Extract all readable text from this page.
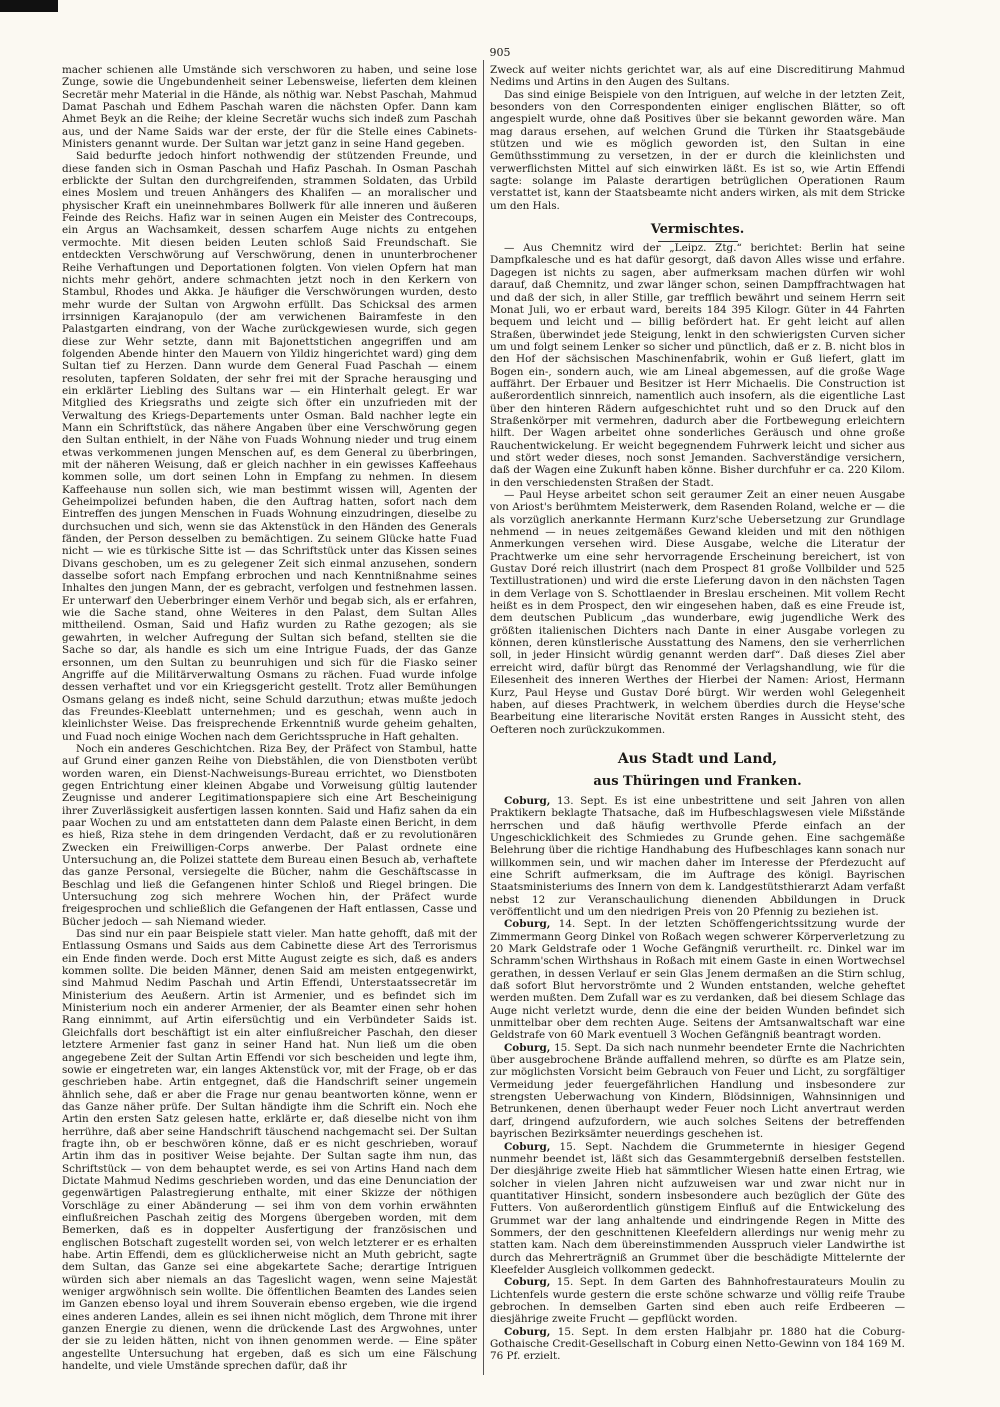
905

macher schienen alle Umstände sich verschworen zu haben, und seine lose Zunge, sowie die Ungebundenheit seiner Lebensweise, lieferten dem kleinen Secretär mehr Material in die Hände, als nöthig war. Nebst Paschah, Mahmud Damat Paschah und Edhem Paschah waren die nächsten Opfer. Dann kam Ahmet Beyk an die Reihe; der kleine Secretär wuchs sich indeß zum Paschah aus, und der Name Saids war der erste, der für die Stelle eines Cabinets-Ministers genannt wurde. Der Sultan war jetzt ganz in seine Hand gegeben.

Said bedurfte jedoch hinfort nothwendig der stützenden Freunde, und diese fanden sich in Osman Paschah und Hafiz Paschah. In Osman Paschah erblickte der Sultan den durchgreifenden, strammen Soldaten, das Urbild eines Moslem und treuen Anhängers des Khalifen — an moralischer und physischer Kraft ein uneinnehmbares Bollwerk für alle inneren und äußeren Feinde des Reichs. Hafiz war in seinen Augen ein Meister des Contrecoups, ein Argus an Wachsamkeit, dessen scharfem Auge nichts zu entgehen vermochte. Mit diesen beiden Leuten schloß Said Freundschaft. Sie entdeckten Verschwörung auf Verschwörung, denen in ununterbrochener Reihe Verhaftungen und Deportationen folgten. Von vielen Opfern hat man nichts mehr gehört, andere schmachten jetzt noch in den Kerkern von Stambul, Rhodes und Akka. Je häufiger die Verschwörungen wurden, desto mehr wurde der Sultan von Argwohn erfüllt. Das Schicksal des armen irrsinnigen Karajanopulo (der am verwichenen Bairamfeste in den Palastgarten eindrang, von der Wache zurückgewiesen wurde, sich gegen diese zur Wehr setzte, dann mit Bajonettstichen angegriffen und am folgenden Abende hinter den Mauern von Yildiz hingerichtet ward) ging dem Sultan tief zu Herzen. Dann wurde dem General Fuad Paschah — einem resoluten, tapferen Soldaten, der sehr frei mit der Sprache herausging und ein erklärter Liebling des Sultans war — ein Hinterhalt gelegt. Er war Mitglied des Kriegsraths und zeigte sich öfter ein unzufrieden mit der Verwaltung des Kriegs-Departements unter Osman. Bald nachher legte ein Mann ein Schriftstück, das nähere Angaben über eine Verschwörung gegen den Sultan enthielt, in der Nähe von Fuads Wohnung nieder und trug einem etwas verkommenen jungen Menschen auf, es dem General zu überbringen, mit der näheren Weisung, daß er gleich nachher in ein gewisses Kaffeehaus kommen solle, um dort seinen Lohn in Empfang zu nehmen. In diesem Kaffeehause nun sollen sich, wie man bestimmt wissen will, Agenten der Geheimpolizei befunden haben, die den Auftrag hatten, sofort nach dem Eintreffen des jungen Menschen in Fuads Wohnung einzudringen, dieselbe zu durchsuchen und sich, wenn sie das Aktenstück in den Händen des Generals fänden, der Person desselben zu bemächtigen. Zu seinem Glücke hatte Fuad nicht — wie es türkische Sitte ist — das Schriftstück unter das Kissen seines Divans geschoben, um es zu gelegener Zeit sich einmal anzusehen, sondern dasselbe sofort nach Empfang erbrochen und nach Kenntnißnahme seines Inhaltes den jungen Mann, der es gebracht, verfolgen und festnehmen lassen. Er unterwarf den Ueberbringer einem Verhör und begab sich, als er erfahren, wie die Sache stand, ohne Weiteres in den Palast, dem Sultan Alles mittheilend. Osman, Said und Hafiz wurden zu Rathe gezogen; als sie gewahrten, in welcher Aufregung der Sultan sich befand, stellten sie die Sache so dar, als handle es sich um eine Intrigue Fuads, der das Ganze ersonnen, um den Sultan zu beunruhigen und sich für die Fiasko seiner Angriffe auf die Militärverwaltung Osmans zu rächen. Fuad wurde infolge dessen verhaftet und vor ein Kriegsgericht gestellt. Trotz aller Bemühungen Osmans gelang es indeß nicht, seine Schuld darzuthun; etwas mußte jedoch das Freundes-Kleeblatt unternehmen; und es geschah, wenn auch in kleinlichster Weise. Das freisprechende Erkenntniß wurde geheim gehalten, und Fuad noch einige Wochen nach dem Gerichtsspruche in Haft gehalten.

Noch ein anderes Geschichtchen. Riza Bey, der Präfect von Stambul, hatte auf Grund einer ganzen Reihe von Diebstählen, die von Dienstboten verübt worden waren, ein Dienst-Nachweisungs-Bureau errichtet, wo Dienstboten gegen Entrichtung einer kleinen Abgabe und Vorweisung gültig lautender Zeugnisse und anderer Legitimationspapiere sich eine Art Bescheinigung ihrer Zuverlässigkeit ausfertigen lassen konnten. Said und Hafiz sahen da ein paar Wochen zu und am entstatteten dann dem Palaste einen Bericht, in dem es hieß, Riza stehe in dem dringenden Verdacht, daß er zu revolutionären Zwecken ein Freiwilligen-Corps anwerbe. Der Palast ordnete eine Untersuchung an, die Polizei stattete dem Bureau einen Besuch ab, verhaftete das ganze Personal, versiegelte die Bücher, nahm die Geschäftscasse in Beschlag und ließ die Gefangenen hinter Schloß und Riegel bringen. Die Untersuchung zog sich mehrere Wochen hin, der Präfect wurde freigesprochen und schließlich die Gefangenen der Haft entlassen, Casse und Bücher jedoch — sah Niemand wieder.

Das sind nur ein paar Beispiele statt vieler. Man hatte gehofft, daß mit der Entlassung Osmans und Saids aus dem Cabinette diese Art des Terrorismus ein Ende finden werde. Doch erst Mitte August zeigte es sich, daß es anders kommen sollte. Die beiden Männer, denen Said am meisten entgegenwirkt, sind Mahmud Nedim Paschah und Artin Effendi, Unterstaatssecretär im Ministerium des Aeußern. Artin ist Armenier, und es befindet sich im Ministerium noch ein anderer Armenier, der als Beamter einen sehr hohen Rang einnimmt, auf Artin eifersüchtig und ein Verbündeter Saids ist. Gleichfalls dort beschäftigt ist ein alter einflußreicher Paschah, den dieser letztere Armenier fast ganz in seiner Hand hat. Nun ließ um die oben angegebene Zeit der Sultan Artin Effendi vor sich bescheiden und legte ihm, sowie er eingetreten war, ein langes Aktenstück vor, mit der Frage, ob er das geschrieben habe. Artin entgegnet, daß die Handschrift seiner ungemein ähnlich sehe, daß er aber die Frage nur genau beantworten könne, wenn er das Ganze näher prüfe. Der Sultan händigte ihm die Schrift ein. Noch ehe Artin den ersten Satz gelesen hatte, erklärte er, daß dieselbe nicht von ihm herrühre, daß aber seine Handschrift täuschend nachgemacht sei. Der Sultan fragte ihn, ob er beschwören könne, daß er es nicht geschrieben, worauf Artin ihm das in positiver Weise bejahte. Der Sultan sagte ihm nun, das Schriftstück — von dem behauptet werde, es sei von Artins Hand nach dem Dictate Mahmud Nedims geschrieben worden, und das eine Denunciation der gegenwärtigen Palastregierung enthalte, mit einer Skizze der nöthigen Vorschläge zu einer Abänderung — sei ihm von dem vorhin erwähnten einflußreichen Paschah zeitig des Morgens übergeben worden, mit dem Bemerken, daß es in doppelter Ausfertigung der französischen und englischen Botschaft zugestellt worden sei, von welch letzterer er es erhalten habe. Artin Effendi, dem es glücklicherweise nicht an Muth gebricht, sagte dem Sultan, das Ganze sei eine abgekartete Sache; derartige Intriguen würden sich aber niemals an das Tageslicht wagen, wenn seine Majestät weniger argwöhnisch sein wollte. Die öffentlichen Beamten des Landes seien im Ganzen ebenso loyal und ihrem Souverain ebenso ergeben, wie die irgend eines anderen Landes, allein es sei ihnen nicht möglich, dem Throne mit ihrer ganzen Energie zu dienen, wenn die drückende Last des Argwohnes, unter der sie zu leiden hätten, nicht von ihnen genommen werde. — Eine später angestellte Untersuchung hat ergeben, daß es sich um eine Fälschung handelte, und viele Umstände sprechen dafür, daß ihr

Zweck auf weiter nichts gerichtet war, als auf eine Discreditirung Mahmud Nedims und Artins in den Augen des Sultans.

Das sind einige Beispiele von den Intriguen, auf welche in der letzten Zeit, besonders von den Correspondenten einiger englischen Blätter, so oft angespielt wurde, ohne daß Positives über sie bekannt geworden wäre. Man mag daraus ersehen, auf welchen Grund die Türken ihr Staatsgebäude stützen und wie es möglich geworden ist, den Sultan in eine Gemüthsstimmung zu versetzen, in der er durch die kleinlichsten und verwerflichsten Mittel auf sich einwirken läßt. Es ist so, wie Artin Effendi sagte: solange im Palaste derartigen betrüglichen Operationen Raum verstattet ist, kann der Staatsbeamte nicht anders wirken, als mit dem Stricke um den Hals.

Vermischtes.

— Aus Chemnitz wird der „Leipz. Ztg.“ berichtet: Berlin hat seine Dampfkalesche und es hat dafür gesorgt, daß davon Alles wisse und erfahre. Dagegen ist nichts zu sagen, aber aufmerksam machen dürfen wir wohl darauf, daß Chemnitz, und zwar länger schon, seinen Dampffrachtwagen hat und daß der sich, in aller Stille, gar trefflich bewährt und seinem Herrn seit Monat Juli, wo er erbaut ward, bereits 184 395 Kilogr. Güter in 44 Fahrten bequem und leicht und — billig befördert hat. Er geht leicht auf allen Straßen, überwindet jede Steigung, lenkt in den schwierigsten Curven sicher um und folgt seinem Lenker so sicher und pünctlich, daß er z. B. nicht blos in den Hof der sächsischen Maschinenfabrik, wohin er Guß liefert, glatt im Bogen ein-, sondern auch, wie am Lineal abgemessen, auf die große Wage auffährt. Der Erbauer und Besitzer ist Herr Michaelis. Die Construction ist außerordentlich sinnreich, namentlich auch insofern, als die eigentliche Last über den hinteren Rädern aufgeschichtet ruht und so den Druck auf den Straßenkörper mit vermehren, dadurch aber die Fortbewegung erleichtern hilft. Der Wagen arbeitet ohne sonderliches Geräusch und ohne große Rauchentwickelung. Er weicht begegnendem Fuhrwerk leicht und sicher aus und stört weder dieses, noch sonst Jemanden. Sachverständige versichern, daß der Wagen eine Zukunft haben könne. Bisher durchfuhr er ca. 220 Kilom. in den verschiedensten Straßen der Stadt.

— Paul Heyse arbeitet schon seit geraumer Zeit an einer neuen Ausgabe von Ariost's berühmtem Meisterwerk, dem Rasenden Roland, welche er — die als vorzüglich anerkannte Hermann Kurz'sche Uebersetzung zur Grundlage nehmend — in neues zeitgemäßes Gewand kleiden und mit den nöthigen Anmerkungen versehen wird. Diese Ausgabe, welche die Literatur der Prachtwerke um eine sehr hervorragende Erscheinung bereichert, ist von Gustav Doré reich illustrirt (nach dem Prospect 81 große Vollbilder und 525 Textillustrationen) und wird die erste Lieferung davon in den nächsten Tagen in dem Verlage von S. Schottlaender in Breslau erscheinen. Mit vollem Recht heißt es in dem Prospect, den wir eingesehen haben, daß es eine Freude ist, dem deutschen Publicum „das wunderbare, ewig jugendliche Werk des größten italienischen Dichters nach Dante in einer Ausgabe vorlegen zu können, deren künstlerische Ausstattung des Namens, den sie verherrlichen soll, in jeder Hinsicht würdig genannt werden darf“. Daß dieses Ziel aber erreicht wird, dafür bürgt das Renommé der Verlagshandlung, wie für die Eilesenheit des inneren Werthes der Hierbei der Namen: Ariost, Hermann Kurz, Paul Heyse und Gustav Doré bürgt. Wir werden wohl Gelegenheit haben, auf dieses Prachtwerk, in welchem überdies durch die Heyse'sche Bearbeitung eine literarische Novität ersten Ranges in Aussicht steht, des Oefteren noch zurückzukommen.

Aus Stadt und Land,
aus Thüringen und Franken.

Coburg, 13. Sept. Es ist eine unbestrittene und seit Jahren von allen Praktikern beklagte Thatsache, daß im Hufbeschlagswesen viele Mißstände herrschen und daß häufig werthvolle Pferde einfach an der Ungeschicklichkeit des Schmiedes zu Grunde gehen. Eine sachgemäße Belehrung über die richtige Handhabung des Hufbeschlages kann sonach nur willkommen sein, und wir machen daher im Interesse der Pferdezucht auf eine Schrift aufmerksam, die im Auftrage des königl. Bayrischen Staatsministeriums des Innern von dem k. Landgestütsthierarzt Adam verfaßt nebst 12 zur Veranschaulichung dienenden Abbildungen in Druck veröffentlicht und um den niedrigen Preis von 20 Pfennig zu beziehen ist.

Coburg, 14. Sept. In der letzten Schöffengerichtssitzung wurde der Zimmermann Georg Dinkel von Roßach wegen schwerer Körperverletzung zu 20 Mark Geldstrafe oder 1 Woche Gefängniß verurtheilt. rc. Dinkel war im Schramm'schen Wirthshaus in Roßach mit einem Gaste in einen Wortwechsel gerathen, in dessen Verlauf er sein Glas Jenem dermaßen an die Stirn schlug, daß sofort Blut hervorströmte und 2 Wunden entstanden, welche geheftet werden mußten. Dem Zufall war es zu verdanken, daß bei diesem Schlage das Auge nicht verletzt wurde, denn die eine der beiden Wunden befindet sich unmittelbar ober dem rechten Auge. Seitens der Amtsanwaltschaft war eine Geldstrafe von 60 Mark eventuell 3 Wochen Gefängniß beantragt worden.

Coburg, 15. Sept. Da sich nach nunmehr beendeter Ernte die Nachrichten über ausgebrochene Brände auffallend mehren, so dürfte es am Platze sein, zur möglichsten Vorsicht beim Gebrauch von Feuer und Licht, zu sorgfältiger Vermeidung jeder feuergefährlichen Handlung und insbesondere zur strengsten Ueberwachung von Kindern, Blödsinnigen, Wahnsinnigen und Betrunkenen, denen überhaupt weder Feuer noch Licht anvertraut werden darf, dringend aufzufordern, wie auch solches Seitens der betreffenden bayrischen Bezirksämter neuerdings geschehen ist.

Coburg, 15. Sept. Nachdem die Grummeternte in hiesiger Gegend nunmehr beendet ist, läßt sich das Gesammtergebniß derselben feststellen. Der diesjährige zweite Hieb hat sämmtlicher Wiesen hatte einen Ertrag, wie solcher in vielen Jahren nicht aufzuweisen war und zwar nicht nur in quantitativer Hinsicht, sondern insbesondere auch bezüglich der Güte des Futters. Von außerordentlich günstigem Einfluß auf die Entwickelung des Grummet war der lang anhaltende und eindringende Regen in Mitte des Sommers, der den geschnittenen Kleefeldern allerdings nur wenig mehr zu statten kam. Nach dem übereinstimmenden Ausspruch vieler Landwirthe ist durch das Mehrerträgniß an Grummet über die beschädigte Mittelernte der Kleefelder Ausgleich vollkommen gedeckt.

Coburg, 15. Sept. In dem Garten des Bahnhofrestaurateurs Moulin zu Lichtenfels wurde gestern die erste schöne schwarze und völlig reife Traube gebrochen. In demselben Garten sind eben auch reife Erdbeeren — diesjährige zweite Frucht — gepflückt worden.

Coburg, 15. Sept. In dem ersten Halbjahr pr. 1880 hat die Coburg-Gothaische Credit-Gesellschaft in Coburg einen Netto-Gewinn von 184 169 M. 76 Pf. erzielt.
